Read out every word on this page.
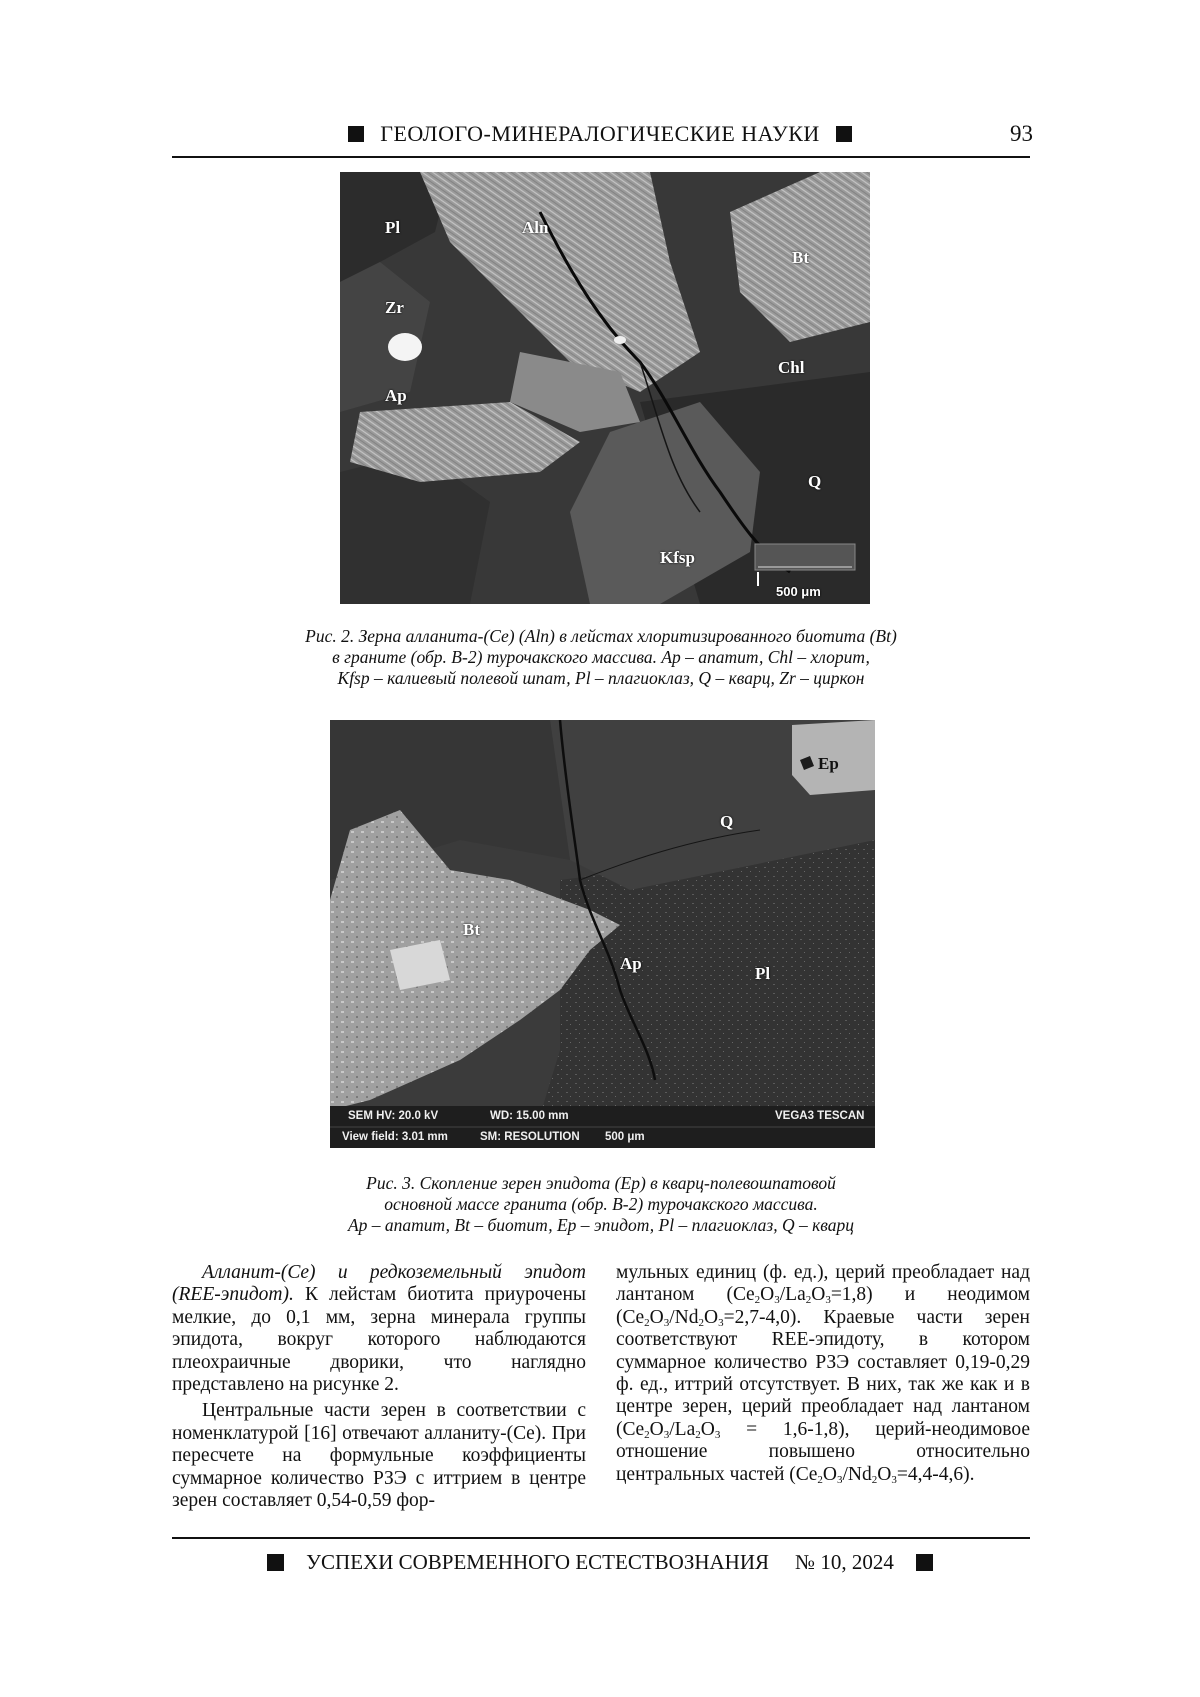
ГЕОЛОГО-МИНЕРАЛОГИЧЕСКИЕ НАУКИ	93
Pl	Aln
Bt
Zr
Ap
Chl
Q
Kfsp
500 μm
Рис. 2. Зерна алланита-(Ce) (Aln) в лейстах хлоритизированного биотита (Bt)
в граните (обр. В-2) турочакского массива. Ap – апатит, Chl – хлорит,
Kfsp – калиевый полевой шпат, Pl – плагиоклаз, Q – кварц, Zr – циркон
Ep
Q
Bt
Ap
Pl
SEM HV: 20.0 kV	WD: 15.00 mm	VEGA3 TESCAN
View field: 3.01 mm	SM: RESOLUTION 500 μm
Рис. 3. Скопление зерен эпидота (Ep) в кварц-полевошпатовой
основной массе гранита (обр. В-2) турочакского массива.
Ap – апатит, Bt – биотит, Ep – эпидот, Pl – плагиоклаз, Q – кварц

Алланит-(Ce) и редкоземельный эпидот (REE-эпидот). К лейстам биотита приурочены мелкие, до 0,1 мм, зерна минерала группы эпидота, вокруг которого наблюдаются плеохраичные дворики, что наглядно представлено на рисунке 2.

Центральные части зерен в соответствии с номенклатурой [16] отвечают алланиту-(Ce). При пересчете на формульные коэффициенты суммарное количество РЗЭ с иттрием в центре зерен составляет 0,54-0,59 фор-

мульных единиц (ф. ед.), церий преобладает над лантаном (Ce2O3/La2O3=1,8) и неодимом (Ce2O3/Nd2O3=2,7-4,0). Краевые части зерен соответствуют REE-эпидоту, в котором суммарное количество РЗЭ составляет 0,19-0,29 ф. ед., иттрий отсутствует. В них, так же как и в центре зерен, церий преобладает над лантаном (Ce2O3/La2O3 = 1,6-1,8), церий-неодимовое отношение повышено относительно центральных частей (Ce2O3/Nd2O3=4,4-4,6).

УСПЕХИ СОВРЕМЕННОГО ЕСТЕСТВОЗНАНИЯ № 10, 2024
